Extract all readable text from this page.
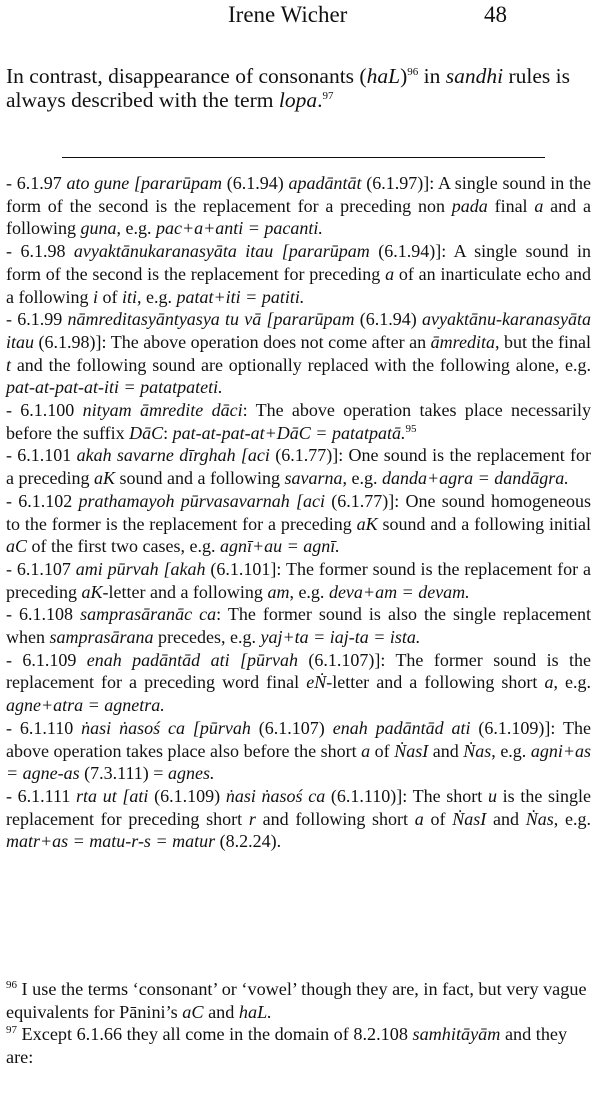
Irene Wicher	48
In contrast, disappearance of consonants (haL)$^{96}$ in sandhi rules is always described with the term lopa.$^{97}$

- 6.1.97 ato gune [pararūpam (6.1.94) apadāntāt (6.1.97)]: A single sound in the form of the second is the replacement for a preceding non pada final a and a following guna, e.g. pac+a+anti = pacanti.

- 6.1.98 avyaktānukaranasyāta itau [pararūpam (6.1.94)]: A single sound in form of the second is the replacement for preceding a of an inarticulate echo and a following i of iti, e.g. patat+iti = patiti.

- 6.1.99 nāmreditasyāntyasya tu vā [pararūpam (6.1.94) avyaktānu-karanasyāta itau (6.1.98)]: The above operation does not come after an āmredita, but the final t and the following sound are optionally replaced with the following alone, e.g. pat-at-pat-at-iti = patatpateti.

- 6.1.100 nityam āmredite dāci: The above operation takes place necessarily before the suffix DāC: pat-at-pat-at+DāC = patatpatā.$^{95}$

- 6.1.101 akah savarne dīrghah [aci (6.1.77)]: One sound is the replacement for a preceding aK sound and a following savarna, e.g. danda+agra = dandāgra.

- 6.1.102 prathamayoh pūrvasavarnah [aci (6.1.77)]: One sound homogeneous to the former is the replacement for a preceding aK sound and a following initial aC of the first two cases, e.g. agnī+au = agnī.

- 6.1.107 ami pūrvah [akah (6.1.101]: The former sound is the replacement for a preceding aK-letter and a following am, e.g. deva+am = devam.

- 6.1.108 samprasāranāc ca: The former sound is also the single replacement when samprasārana precedes, e.g. yaj+ta = iaj-ta = ista.

- 6.1.109 enah padāntād ati [pūrvah (6.1.107)]: The former sound is the replacement for a preceding word final eṄ-letter and a following short a, e.g. agne+atra = agnetra.

- 6.1.110 ṅasi ṅasoś ca [pūrvah (6.1.107) enah padāntād ati (6.1.109)]: The above operation takes place also before the short a of ṄasI and Ṅas, e.g. agni+as = agne-as (7.3.111) = agnes.

- 6.1.111 rta ut [ati (6.1.109) ṅasi ṅasoś ca (6.1.110)]: The short u is the single replacement for preceding short r and following short a of ṄasI and Ṅas, e.g. matr+as = matu-r-s = matur (8.2.24).

$^{96}$ I use the terms ‘consonant’ or ‘vowel’ though they are, in fact, but very vague equivalents for Pānini’s aC and haL.

$^{97}$ Except 6.1.66 they all come in the domain of 8.2.108 samhitāyām and they are:
